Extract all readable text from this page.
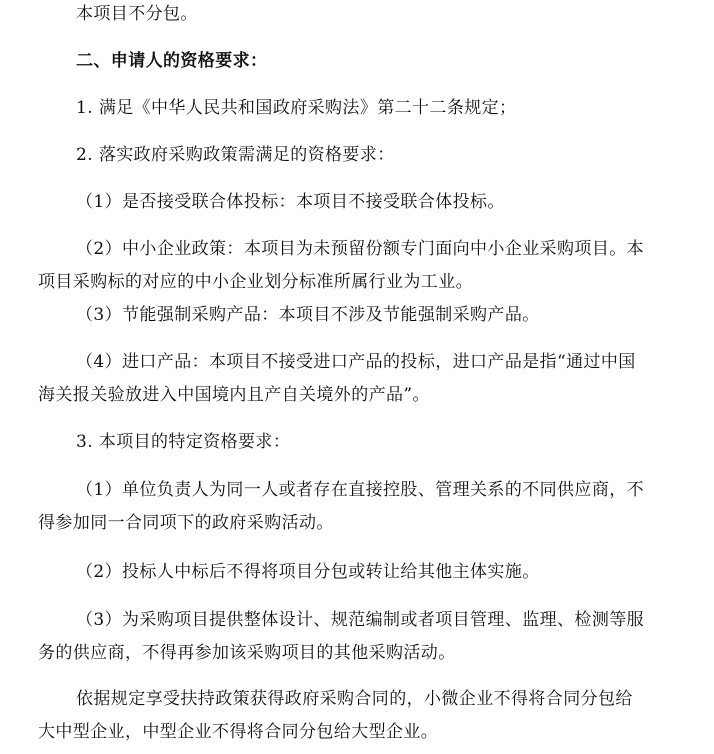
本项目不分包。

二、申请人的资格要求：

1. 满足《中华人民共和国政府采购法》第二十二条规定；

2. 落实政府采购政策需满足的资格要求：

（1）是否接受联合体投标：本项目不接受联合体投标。

（2）中小企业政策：本项目为未预留份额专门面向中小企业采购项目。本

项目采购标的对应的中小企业划分标准所属行业为工业。

（3）节能强制采购产品：本项目不涉及节能强制采购产品。

（4）进口产品：本项目不接受进口产品的投标，进口产品是指“通过中国

海关报关验放进入中国境内且产自关境外的产品”。

3. 本项目的特定资格要求：

（1）单位负责人为同一人或者存在直接控股、管理关系的不同供应商，不

得参加同一合同项下的政府采购活动。

（2）投标人中标后不得将项目分包或转让给其他主体实施。

（3）为采购项目提供整体设计、规范编制或者项目管理、监理、检测等服

务的供应商，不得再参加该采购项目的其他采购活动。

依据规定享受扶持政策获得政府采购合同的，小微企业不得将合同分包给

大中型企业，中型企业不得将合同分包给大型企业。
